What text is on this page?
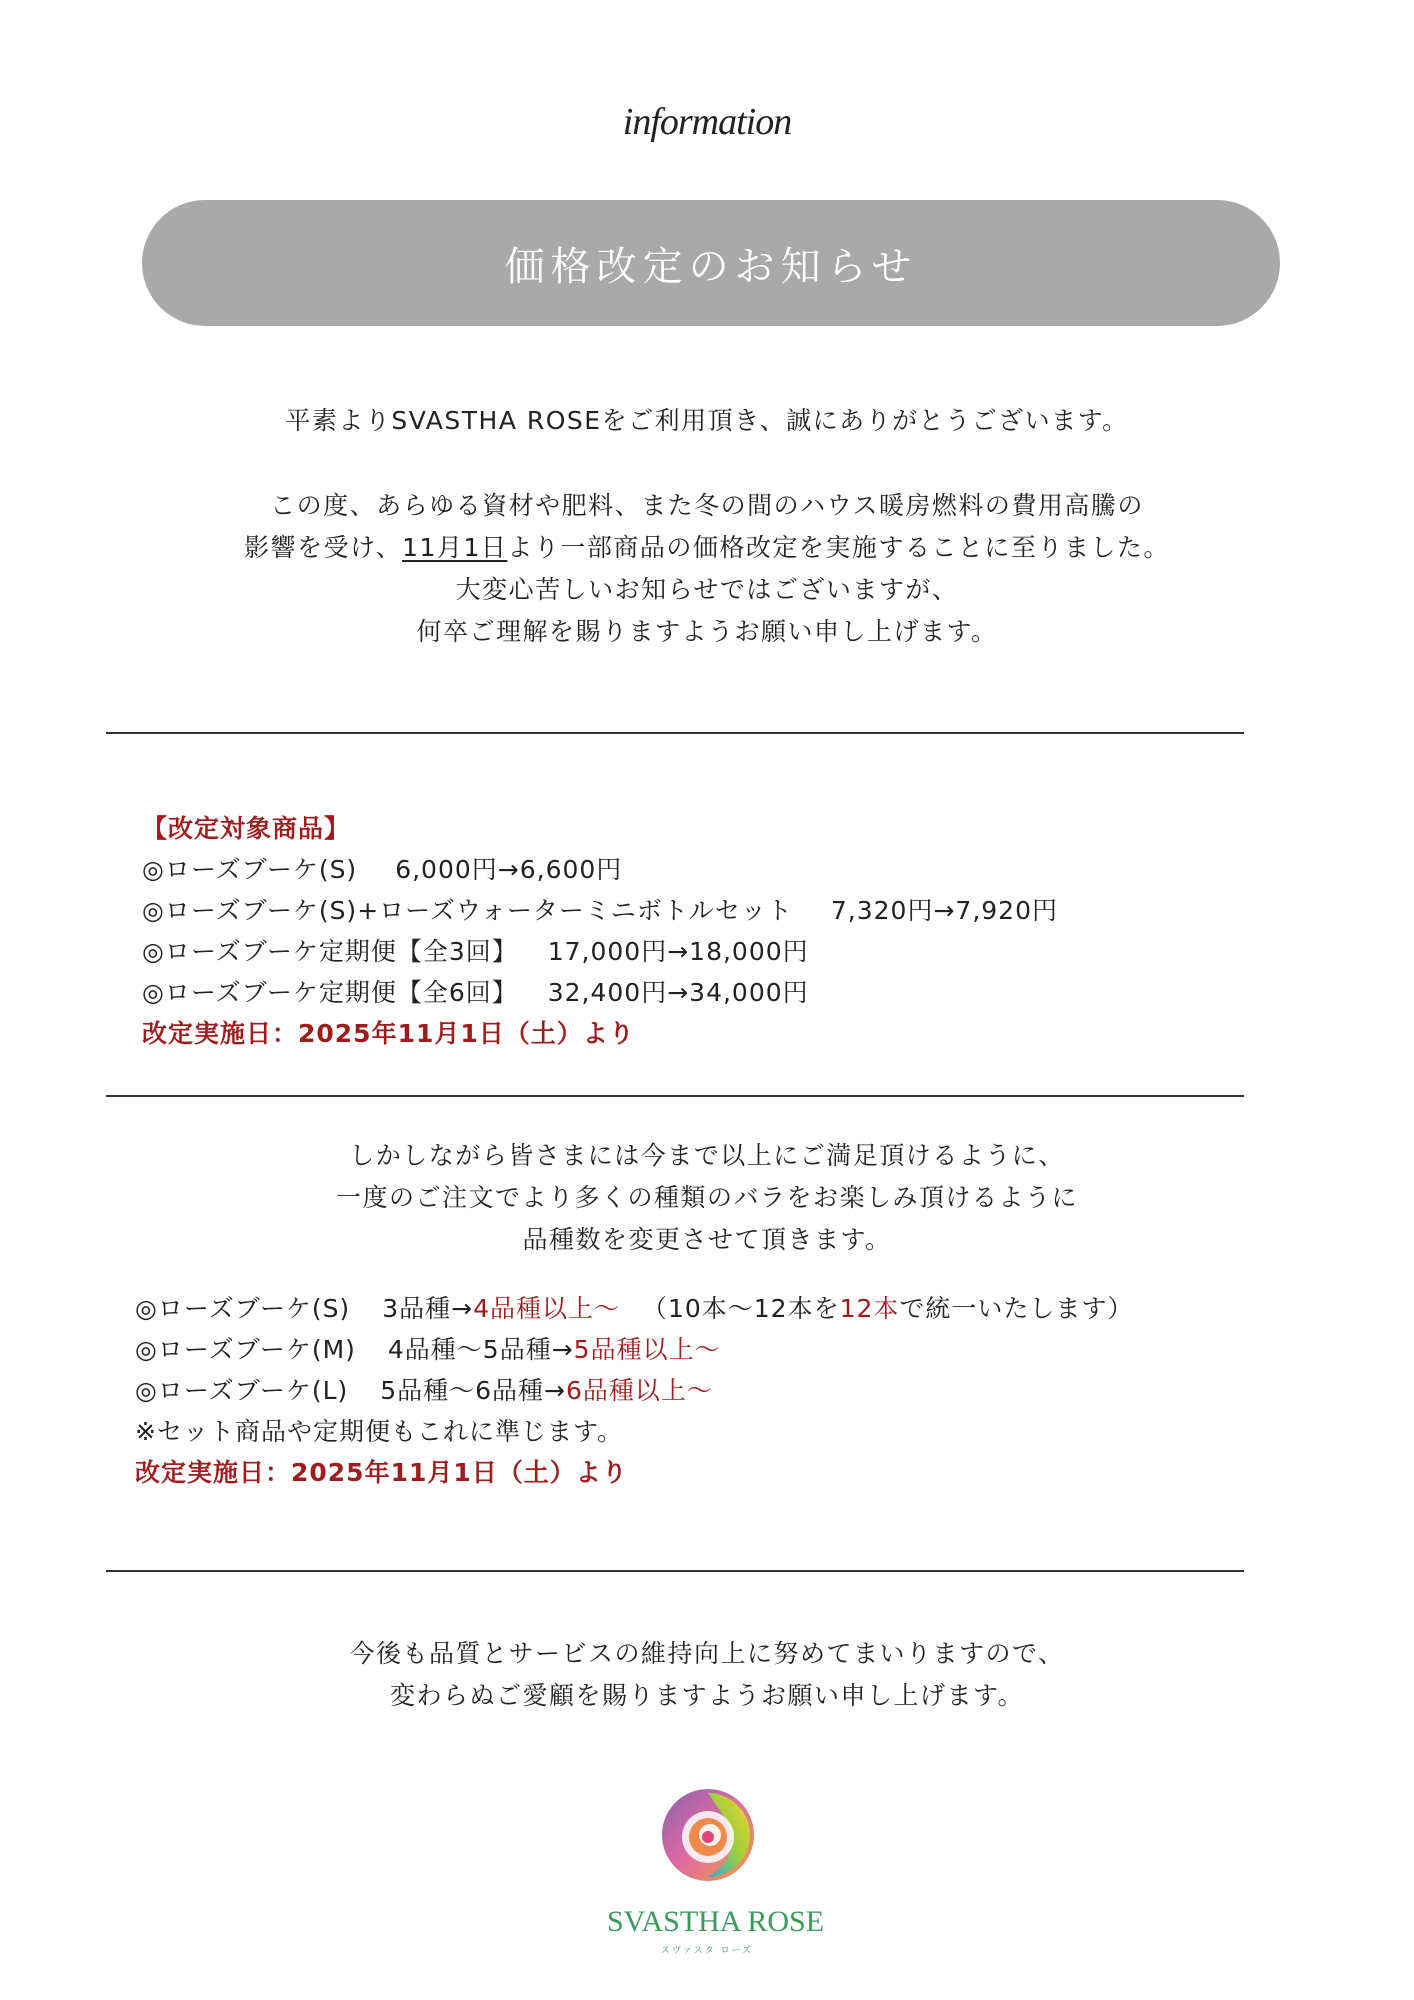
information
価格改定のお知らせ

平素よりSVASTHA ROSEをご利用頂き、誠にありがとうございます。

この度、あらゆる資材や肥料、また冬の間のハウス暖房燃料の費用高騰の

影響を受け、11月1日より一部商品の価格改定を実施することに至りました。

大変心苦しいお知らせではございますが、

何卒ご理解を賜りますようお願い申し上げます。

【改定対象商品】

◎ローズブーケ(S) 6,000円→6,600円

◎ローズブーケ(S)+ローズウォーターミニボトルセット 7,320円→7,920円

◎ローズブーケ定期便【全3回】 17,000円→18,000円

◎ローズブーケ定期便【全6回】 32,400円→34,000円

改定実施日：2025年11月1日（土）より

しかしながら皆さまには今まで以上にご満足頂けるように、

一度のご注文でより多くの種類のバラをお楽しみ頂けるように

品種数を変更させて頂きます。

◎ローズブーケ(S) 3品種→4品種以上～ （10本～12本を12本で統一いたします）

◎ローズブーケ(M) 4品種～5品種→5品種以上～

◎ローズブーケ(L) 5品種～6品種→6品種以上～

※セット商品や定期便もこれに準じます。

改定実施日：2025年11月1日（土）より

今後も品質とサービスの維持向上に努めてまいりますので、

変わらぬご愛顧を賜りますようお願い申し上げます。

SVASTHA ROSE
スヴァスタ ローズ
